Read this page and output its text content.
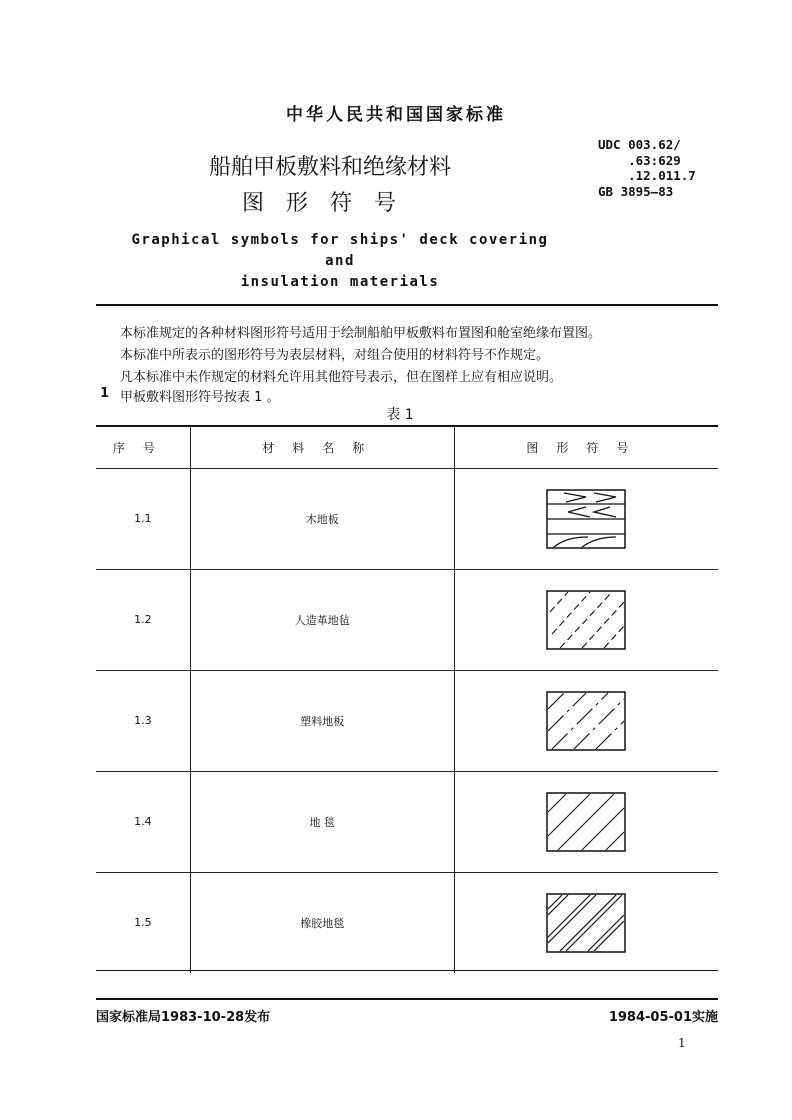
中华人民共和国国家标准
船舶甲板敷料和绝缘材料
图形符号
Graphical symbols for ships' deck covering and
insulation materials
UDC 003.62/
.63:629
.12.011.7
GB 3895—83
本标准规定的各种材料图形符号适用于绘制船舶甲板敷料布置图和舱室绝缘布置图。
本标准中所表示的图形符号为表层材料，对组合使用的材料符号不作规定。
凡本标准中未作规定的材料允许用其他符号表示，但在图样上应有相应说明。
1 甲板敷料图形符号按表 1 。
表 1
序号	材料名称	图形符号
1.1	木地板	

1.2	人造革地毡	

1.3	塑料地板	

1.4	地 毯	

1.5	橡胶地毯	
国家标准局1983-10-28发布	1984-05-01实施
1
